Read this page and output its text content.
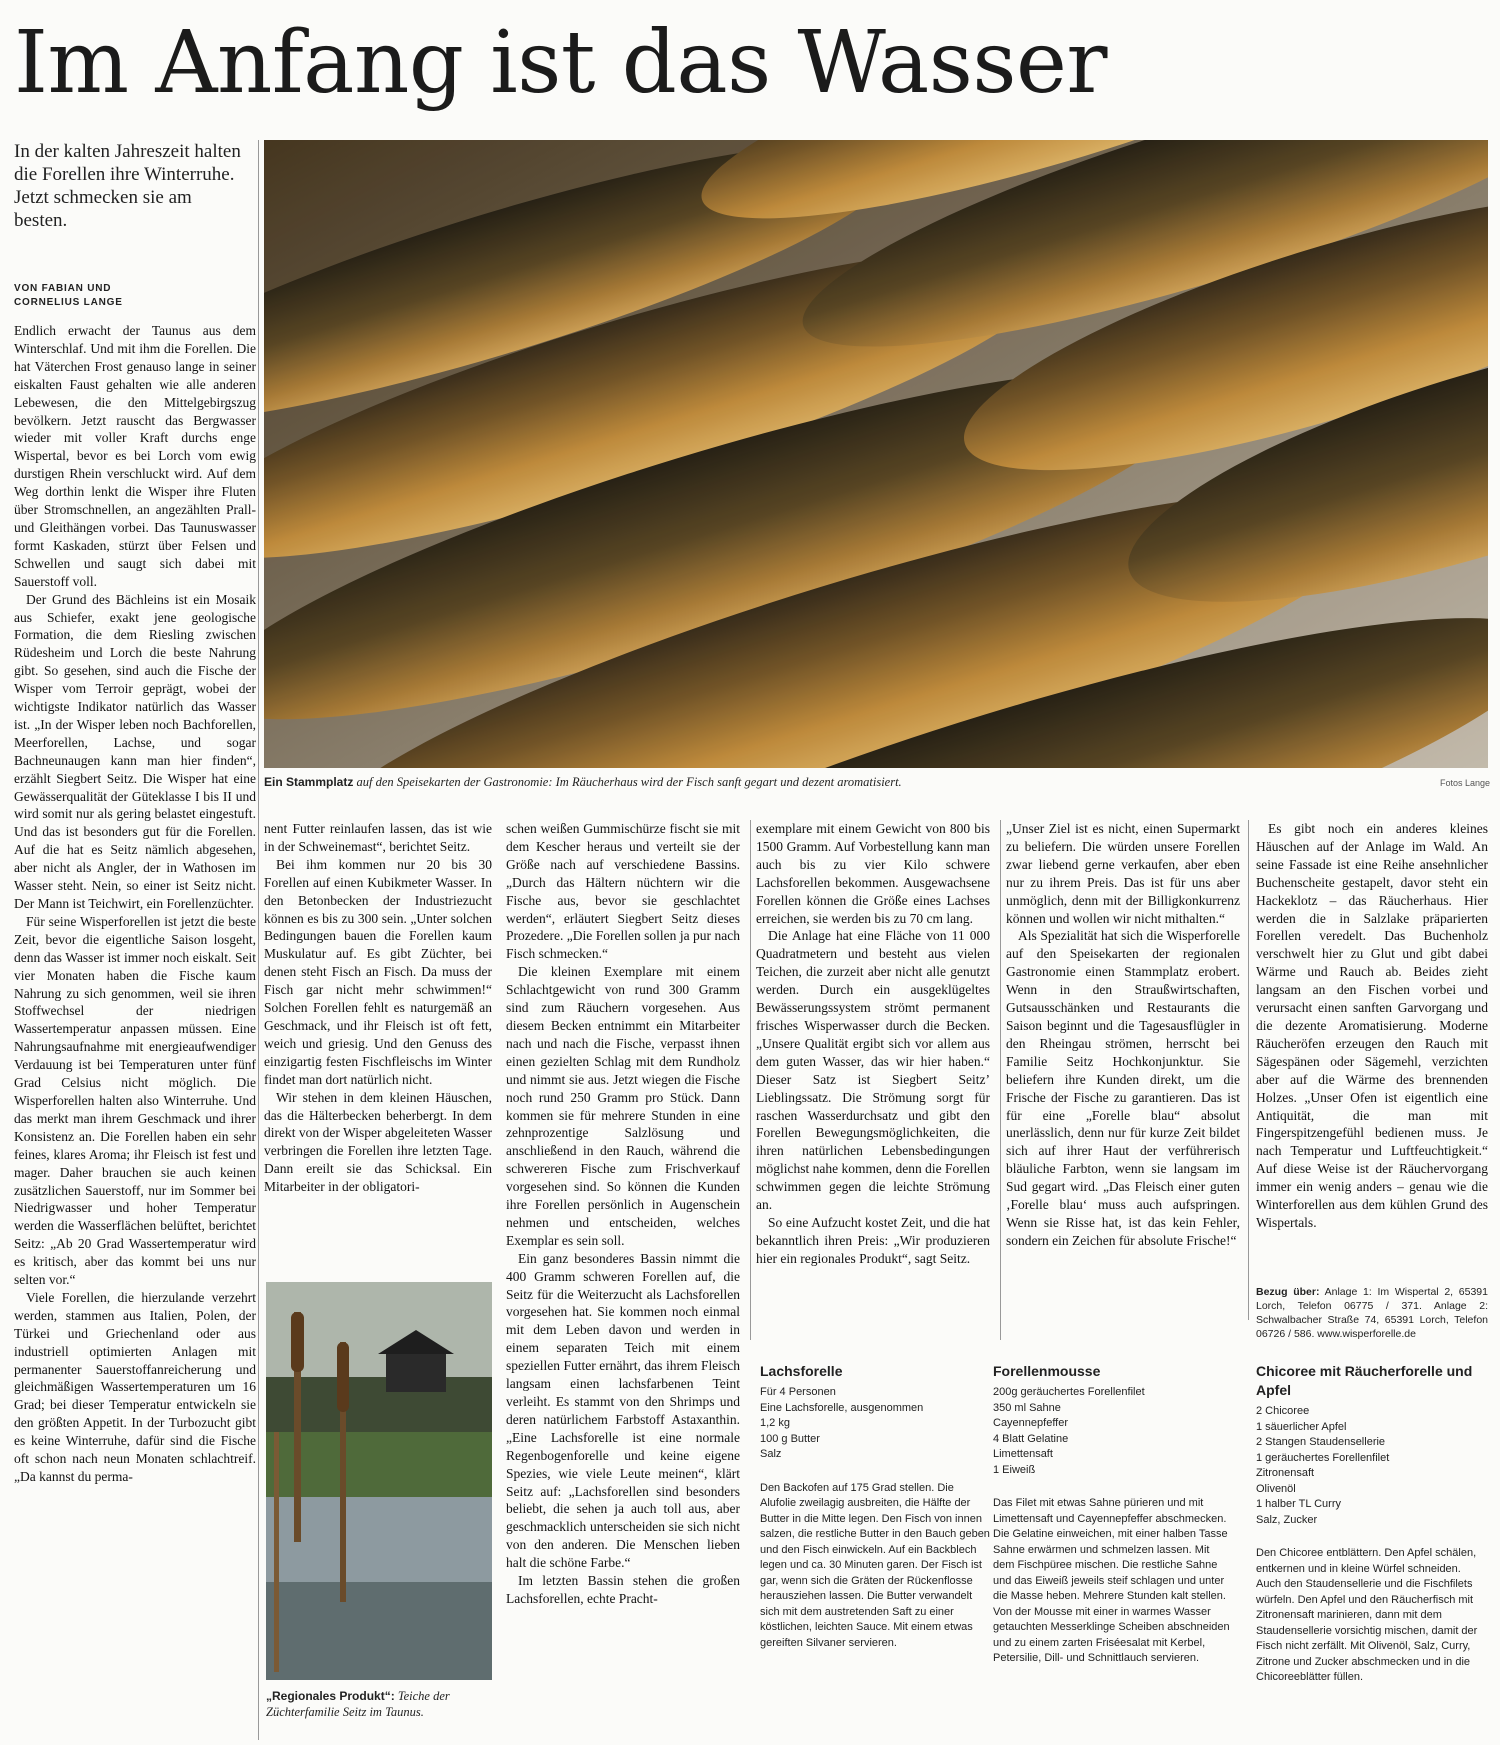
Im Anfang ist das Wasser
In der kalten Jahreszeit halten die Forellen ihre Winterruhe. Jetzt schmecken sie am besten.
VON FABIAN UND
CORNELIUS LANGE
Ein Stammplatz auf den Speisekarten der Gastronomie: Im Räucherhaus wird der Fisch sanft gegart und dezent aromatisiert.	Fotos Lange

Endlich erwacht der Taunus aus dem Winterschlaf. Und mit ihm die Forellen. Die hat Väterchen Frost genauso lange in seiner eiskalten Faust gehalten wie alle anderen Lebewesen, die den Mittelgebirgszug bevölkern. Jetzt rauscht das Bergwasser wieder mit voller Kraft durchs enge Wispertal, bevor es bei Lorch vom ewig durstigen Rhein verschluckt wird. Auf dem Weg dorthin lenkt die Wisper ihre Fluten über Stromschnellen, an angezählten Prall- und Gleithängen vorbei. Das Taunuswasser formt Kaskaden, stürzt über Felsen und Schwellen und saugt sich dabei mit Sauerstoff voll.

Der Grund des Bächleins ist ein Mosaik aus Schiefer, exakt jene geologische Formation, die dem Riesling zwischen Rüdesheim und Lorch die beste Nahrung gibt. So gesehen, sind auch die Fische der Wisper vom Terroir geprägt, wobei der wichtigste Indikator natürlich das Wasser ist. „In der Wisper leben noch Bachforellen, Meerforellen, Lachse, und sogar Bachneunaugen kann man hier finden“, erzählt Siegbert Seitz. Die Wisper hat eine Gewässerqualität der Güteklasse I bis II und wird somit nur als gering belastet eingestuft. Und das ist besonders gut für die Forellen. Auf die hat es Seitz nämlich abgesehen, aber nicht als Angler, der in Wathosen im Wasser steht. Nein, so einer ist Seitz nicht. Der Mann ist Teichwirt, ein Forellenzüchter.

Für seine Wisperforellen ist jetzt die beste Zeit, bevor die eigentliche Saison losgeht, denn das Wasser ist immer noch eiskalt. Seit vier Monaten haben die Fische kaum Nahrung zu sich genommen, weil sie ihren Stoffwechsel der niedrigen Wassertemperatur anpassen müssen. Eine Nahrungsaufnahme mit energieaufwendiger Verdauung ist bei Temperaturen unter fünf Grad Celsius nicht möglich. Die Wisperforellen halten also Winterruhe. Und das merkt man ihrem Geschmack und ihrer Konsistenz an. Die Forellen haben ein sehr feines, klares Aroma; ihr Fleisch ist fest und mager. Daher brauchen sie auch keinen zusätzlichen Sauerstoff, nur im Sommer bei Niedrigwasser und hoher Temperatur werden die Wasserflächen belüftet, berichtet Seitz: „Ab 20 Grad Wassertemperatur wird es kritisch, aber das kommt bei uns nur selten vor.“

Viele Forellen, die hierzulande verzehrt werden, stammen aus Italien, Polen, der Türkei und Griechenland oder aus industriell optimierten Anlagen mit permanenter Sauerstoffanreicherung und gleichmäßigen Wassertemperaturen um 16 Grad; bei dieser Temperatur entwickeln sie den größten Appetit. In der Turbozucht gibt es keine Winterruhe, dafür sind die Fische oft schon nach neun Monaten schlachtreif. „Da kannst du perma-

nent Futter reinlaufen lassen, das ist wie in der Schweinemast“, berichtet Seitz.

Bei ihm kommen nur 20 bis 30 Forellen auf einen Kubikmeter Wasser. In den Betonbecken der Industriezucht können es bis zu 300 sein. „Unter solchen Bedingungen bauen die Forellen kaum Muskulatur auf. Es gibt Züchter, bei denen steht Fisch an Fisch. Da muss der Fisch gar nicht mehr schwimmen!“ Solchen Forellen fehlt es naturgemäß an Geschmack, und ihr Fleisch ist oft fett, weich und griesig. Und den Genuss des einzigartig festen Fischfleischs im Winter findet man dort natürlich nicht.

Wir stehen in dem kleinen Häuschen, das die Hälterbecken beherbergt. In dem direkt von der Wisper abgeleiteten Wasser verbringen die Forellen ihre letzten Tage. Dann ereilt sie das Schicksal. Ein Mitarbeiter in der obligatori-

„Regionales Produkt“: Teiche der Züchterfamilie Seitz im Taunus.

schen weißen Gummischürze fischt sie mit dem Kescher heraus und verteilt sie der Größe nach auf verschiedene Bassins. „Durch das Hältern nüchtern wir die Fische aus, bevor sie geschlachtet werden“, erläutert Siegbert Seitz dieses Prozedere. „Die Forellen sollen ja pur nach Fisch schmecken.“

Die kleinen Exemplare mit einem Schlachtgewicht von rund 300 Gramm sind zum Räuchern vorgesehen. Aus diesem Becken entnimmt ein Mitarbeiter nach und nach die Fische, verpasst ihnen einen gezielten Schlag mit dem Rundholz und nimmt sie aus. Jetzt wiegen die Fische noch rund 250 Gramm pro Stück. Dann kommen sie für mehrere Stunden in eine zehnprozentige Salzlösung und anschließend in den Rauch, während die schwereren Fische zum Frischverkauf vorgesehen sind. So können die Kunden ihre Forellen persönlich in Augenschein nehmen und entscheiden, welches Exemplar es sein soll.

Ein ganz besonderes Bassin nimmt die 400 Gramm schweren Forellen auf, die Seitz für die Weiterzucht als Lachsforellen vorgesehen hat. Sie kommen noch einmal mit dem Leben davon und werden in einem separaten Teich mit einem speziellen Futter ernährt, das ihrem Fleisch langsam einen lachsfarbenen Teint verleiht. Es stammt von den Shrimps und deren natürlichem Farbstoff Astaxanthin. „Eine Lachsforelle ist eine normale Regenbogenforelle und keine eigene Spezies, wie viele Leute meinen“, klärt Seitz auf: „Lachsforellen sind besonders beliebt, die sehen ja auch toll aus, aber geschmacklich unterscheiden sie sich nicht von den anderen. Die Menschen lieben halt die schöne Farbe.“

Im letzten Bassin stehen die großen Lachsforellen, echte Pracht-

exemplare mit einem Gewicht von 800 bis 1500 Gramm. Auf Vorbestellung kann man auch bis zu vier Kilo schwere Lachsforellen bekommen. Ausgewachsene Forellen können die Größe eines Lachses erreichen, sie werden bis zu 70 cm lang.

Die Anlage hat eine Fläche von 11 000 Quadratmetern und besteht aus vielen Teichen, die zurzeit aber nicht alle genutzt werden. Durch ein ausgeklügeltes Bewässerungssystem strömt permanent frisches Wisperwasser durch die Becken. „Unsere Qualität ergibt sich vor allem aus dem guten Wasser, das wir hier haben.“ Dieser Satz ist Siegbert Seitz’ Lieblingssatz. Die Strömung sorgt für raschen Wasserdurchsatz und gibt den Forellen Bewegungsmöglichkeiten, die ihren natürlichen Lebensbedingungen möglichst nahe kommen, denn die Forellen schwimmen gegen die leichte Strömung an.

So eine Aufzucht kostet Zeit, und die hat bekanntlich ihren Preis: „Wir produzieren hier ein regionales Produkt“, sagt Seitz.

„Unser Ziel ist es nicht, einen Supermarkt zu beliefern. Die würden unsere Forellen zwar liebend gerne verkaufen, aber eben nur zu ihrem Preis. Das ist für uns aber unmöglich, denn mit der Billigkonkurrenz können und wollen wir nicht mithalten.“

Als Spezialität hat sich die Wisperforelle auf den Speisekarten der regionalen Gastronomie einen Stammplatz erobert. Wenn in den Straußwirtschaften, Gutsausschänken und Restaurants die Saison beginnt und die Tagesausflügler in den Rheingau strömen, herrscht bei Familie Seitz Hochkonjunktur. Sie beliefern ihre Kunden direkt, um die Frische der Fische zu garantieren. Das ist für eine „Forelle blau“ absolut unerlässlich, denn nur für kurze Zeit bildet sich auf ihrer Haut der verführerisch bläuliche Farbton, wenn sie langsam im Sud gegart wird. „Das Fleisch einer guten ‚Forelle blau‘ muss auch aufspringen. Wenn sie Risse hat, ist das kein Fehler, sondern ein Zeichen für absolute Frische!“

Es gibt noch ein anderes kleines Häuschen auf der Anlage im Wald. An seine Fassade ist eine Reihe ansehnlicher Buchenscheite gestapelt, davor steht ein Hackeklotz – das Räucherhaus. Hier werden die in Salzlake präparierten Forellen veredelt. Das Buchenholz verschwelt hier zu Glut und gibt dabei Wärme und Rauch ab. Beides zieht langsam an den Fischen vorbei und verursacht einen sanften Garvorgang und die dezente Aromatisierung. Moderne Räucheröfen erzeugen den Rauch mit Sägespänen oder Sägemehl, verzichten aber auf die Wärme des brennenden Holzes. „Unser Ofen ist eigentlich eine Antiquität, die man mit Fingerspitzengefühl bedienen muss. Je nach Temperatur und Luftfeuchtigkeit.“ Auf diese Weise ist der Räuchervorgang immer ein wenig anders – genau wie die Winterforellen aus dem kühlen Grund des Wispertals.

Bezug über: Anlage 1: Im Wispertal 2, 65391 Lorch, Telefon 06775 / 371. Anlage 2: Schwalbacher Straße 74, 65391 Lorch, Telefon 06726 / 586. www.wisperforelle.de
Lachsforelle
Für 4 Personen
Eine Lachsforelle, ausgenommen
1,2 kg
100 g Butter
Salz
Den Backofen auf 175 Grad stellen. Die Alufolie zweilagig ausbreiten, die Hälfte der Butter in die Mitte legen. Den Fisch von innen salzen, die restliche Butter in den Bauch geben und den Fisch einwickeln. Auf ein Backblech legen und ca. 30 Minuten garen. Der Fisch ist gar, wenn sich die Gräten der Rückenflosse herausziehen lassen. Die Butter verwandelt sich mit dem austretenden Saft zu einer köstlichen, leichten Sauce. Mit einem etwas gereiften Silvaner servieren.
Forellenmousse
200g geräuchertes Forellenfilet
350 ml Sahne
Cayennepfeffer
4 Blatt Gelatine
Limettensaft
1 Eiweiß
Das Filet mit etwas Sahne pürieren und mit Limettensaft und Cayennepfeffer abschmecken. Die Gelatine einweichen, mit einer halben Tasse Sahne erwärmen und schmelzen lassen. Mit dem Fischpüree mischen. Die restliche Sahne und das Eiweiß jeweils steif schlagen und unter die Masse heben. Mehrere Stunden kalt stellen. Von der Mousse mit einer in warmes Wasser getauchten Messerklinge Scheiben abschneiden und zu einem zarten Friséesalat mit Kerbel, Petersilie, Dill- und Schnittlauch servieren.
Chicoree mit Räucherforelle und Apfel
2 Chicoree
1 säuerlicher Apfel
2 Stangen Staudensellerie
1 geräuchertes Forellenfilet
Zitronensaft
Olivenöl
1 halber TL Curry
Salz, Zucker
Den Chicoree entblättern. Den Apfel schälen, entkernen und in kleine Würfel schneiden. Auch den Staudensellerie und die Fischfilets würfeln. Den Apfel und den Räucherfisch mit Zitronensaft marinieren, dann mit dem Staudensellerie vorsichtig mischen, damit der Fisch nicht zerfällt. Mit Olivenöl, Salz, Curry, Zitrone und Zucker abschmecken und in die Chicoreeblätter füllen.
